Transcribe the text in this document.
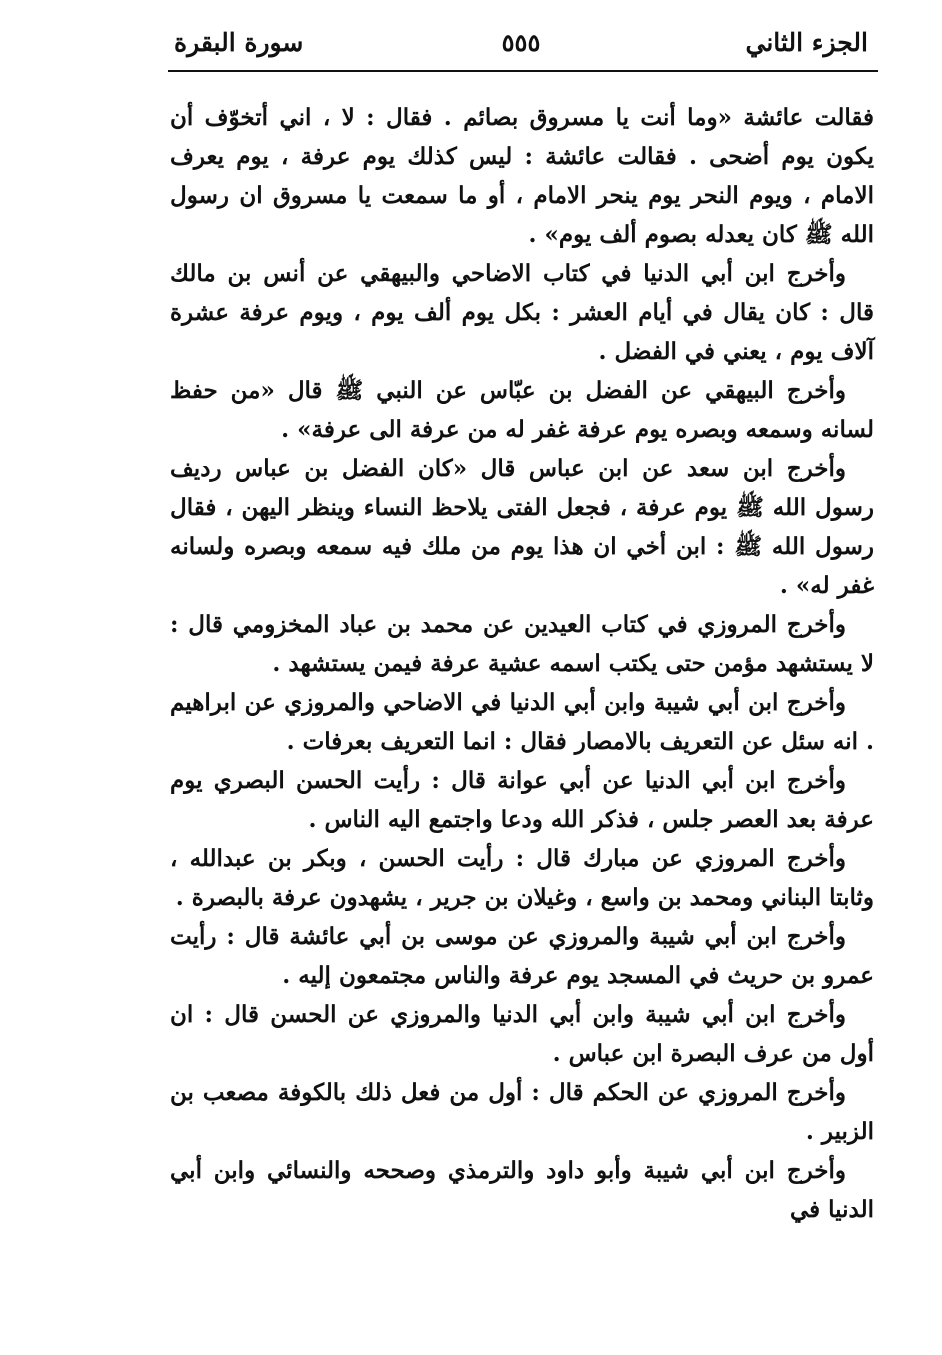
الجزء الثاني
٥٥٥
سورة البقرة

فقالت عائشة «وما أنت يا مسروق بصائم . فقال : لا ، اني أتخوّف أن يكون يوم أضحى . فقالت عائشة : ليس كذلك يوم عرفة ، يوم يعرف الامام ، ويوم النحر يوم ينحر الامام ، أو ما سمعت يا مسروق ان رسول الله ﷺ كان يعدله بصوم ألف يوم» .

وأخرج ابن أبي الدنيا في كتاب الاضاحي والبيهقي عن أنس بن مالك قال : كان يقال في أيام العشر : بكل يوم ألف يوم ، ويوم عرفة عشرة آلاف يوم ، يعني في الفضل .

وأخرج البيهقي عن الفضل بن عبّاس عن النبي ﷺ قال «من حفظ لسانه وسمعه وبصره يوم عرفة غفر له من عرفة الى عرفة» .

وأخرج ابن سعد عن ابن عباس قال «كان الفضل بن عباس رديف رسول الله ﷺ يوم عرفة ، فجعل الفتى يلاحظ النساء وينظر اليهن ، فقال رسول الله ﷺ : ابن أخي ان هذا يوم من ملك فيه سمعه وبصره ولسانه غفر له» .

وأخرج المروزي في كتاب العيدين عن محمد بن عباد المخزومي قال : لا يستشهد مؤمن حتى يكتب اسمه عشية عرفة فيمن يستشهد .

وأخرج ابن أبي شيبة وابن أبي الدنيا في الاضاحي والمروزي عن ابراهيم . انه سئل عن التعريف بالامصار فقال : انما التعريف بعرفات .

وأخرج ابن أبي الدنيا عن أبي عوانة قال : رأيت الحسن البصري يوم عرفة بعد العصر جلس ، فذكر الله ودعا واجتمع اليه الناس .

وأخرج المروزي عن مبارك قال : رأيت الحسن ، وبكر بن عبدالله ، وثابتا البناني ومحمد بن واسع ، وغيلان بن جرير ، يشهدون عرفة بالبصرة .

وأخرج ابن أبي شيبة والمروزي عن موسى بن أبي عائشة قال : رأيت عمرو بن حريث في المسجد يوم عرفة والناس مجتمعون إليه .

وأخرج ابن أبي شيبة وابن أبي الدنيا والمروزي عن الحسن قال : ان أول من عرف البصرة ابن عباس .

وأخرج المروزي عن الحكم قال : أول من فعل ذلك بالكوفة مصعب بن الزبير .

وأخرج ابن أبي شيبة وأبو داود والترمذي وصححه والنسائي وابن أبي الدنيا في
